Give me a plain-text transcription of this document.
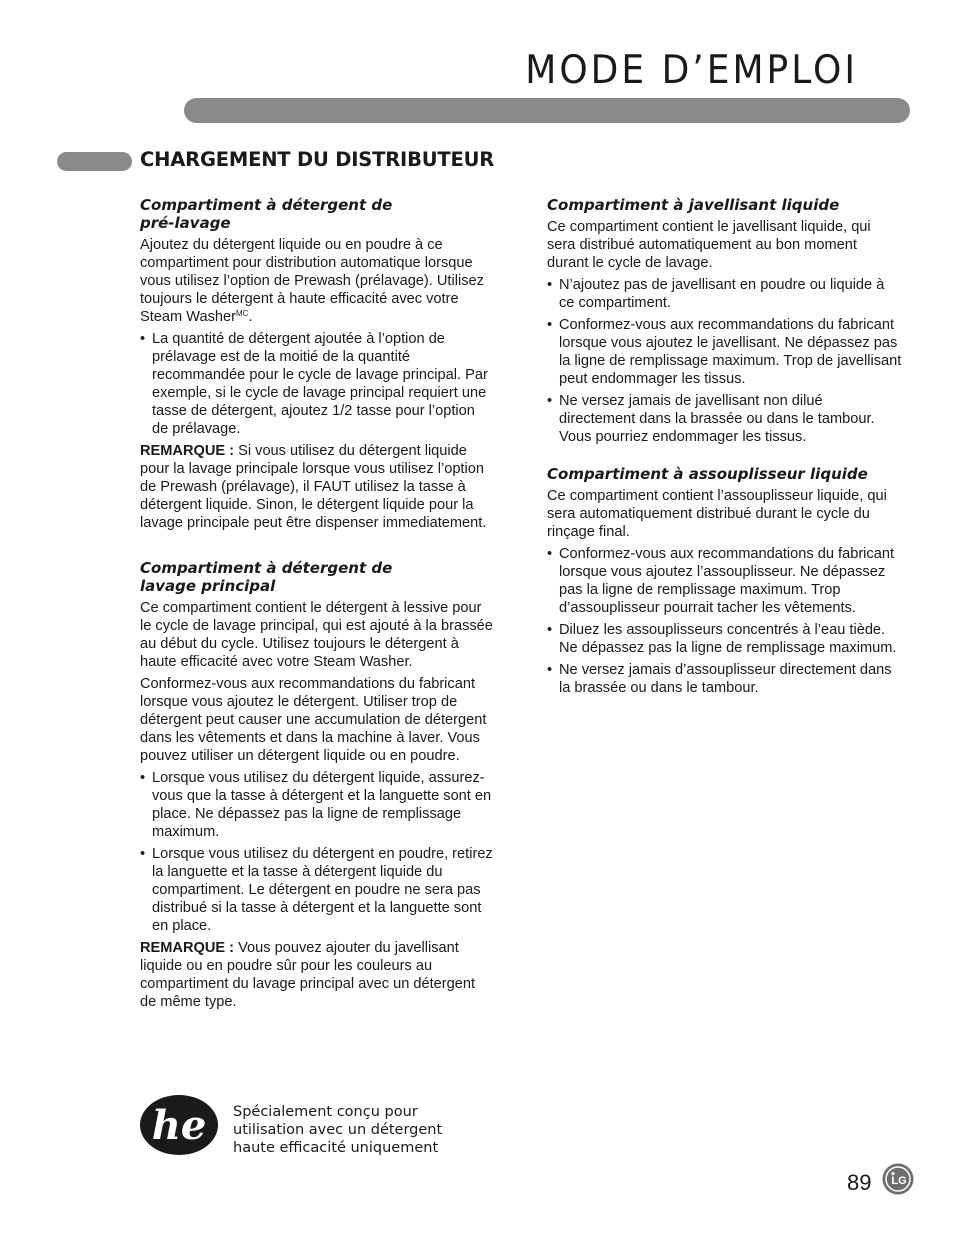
MODE D’EMPLOI
CHARGEMENT DU DISTRIBUTEUR
Compartiment à détergent de
pré-lavage

Ajoutez du détergent liquide ou en poudre à ce compartiment pour distribution automatique lorsque vous utilisez l’option de Prewash (prélavage). Utilisez toujours le détergent à haute efficacité avec votre Steam Washer$^{MC}$.

• La quantité de détergent ajoutée à l’option de prélavage est de la moitié de la quantité recommandée pour le cycle de lavage principal. Par exemple, si le cycle de lavage principal requiert une tasse de détergent, ajoutez 1/2 tasse pour l’option de prélavage.

REMARQUE : Si vous utilisez du détergent liquide pour la lavage principale lorsque vous utilisez l’option de Prewash (prélavage), il FAUT utilisez la tasse à détergent liquide. Sinon, le détergent liquide pour la lavage principale peut être dispenser immediatement.

Compartiment à détergent de
lavage principal

Ce compartiment contient le détergent à lessive pour le cycle de lavage principal, qui est ajouté à la brassée au début du cycle. Utilisez toujours le détergent à haute efficacité avec votre Steam Washer.

Conformez-vous aux recommandations du fabricant lorsque vous ajoutez le détergent. Utiliser trop de détergent peut causer une accumulation de détergent dans les vêtements et dans la machine à laver. Vous pouvez utiliser un détergent liquide ou en poudre.

• Lorsque vous utilisez du détergent liquide, assurez-vous que la tasse à détergent et la languette sont en place. Ne dépassez pas la ligne de remplissage maximum.
• Lorsque vous utilisez du détergent en poudre, retirez la languette et la tasse à détergent liquide du compartiment. Le détergent en poudre ne sera pas distribué si la tasse à détergent et la languette sont en place.

REMARQUE : Vous pouvez ajouter du javellisant liquide ou en poudre sûr pour les couleurs au compartiment du lavage principal avec un détergent de même type.

Compartiment à javellisant liquide

Ce compartiment contient le javellisant liquide, qui sera distribué automatiquement au bon moment durant le cycle de lavage.

• N’ajoutez pas de javellisant en poudre ou liquide à ce compartiment.
• Conformez-vous aux recommandations du fabricant lorsque vous ajoutez le javellisant. Ne dépassez pas la ligne de remplissage maximum. Trop de javellisant peut endommager les tissus.
• Ne versez jamais de javellisant non dilué directement dans la brassée ou dans le tambour. Vous pourriez endommager les tissus.
Compartiment à assouplisseur liquide

Ce compartiment contient l’assouplisseur liquide, qui sera automatiquement distribué durant le cycle du rinçage final.

• Conformez-vous aux recommandations du fabricant lorsque vous ajoutez l’assouplisseur. Ne dépassez pas la ligne de remplissage maximum. Trop d’assouplisseur pourrait tacher les vêtements.
• Diluez les assouplisseurs concentrés à l’eau tiède. Ne dépassez pas la ligne de remplissage maximum.
• Ne versez jamais d’assouplisseur directement dans la brassée ou dans le tambour.
he Spécialement conçu pour
utilisation avec un détergent
haute efficacité uniquement
89 LG
